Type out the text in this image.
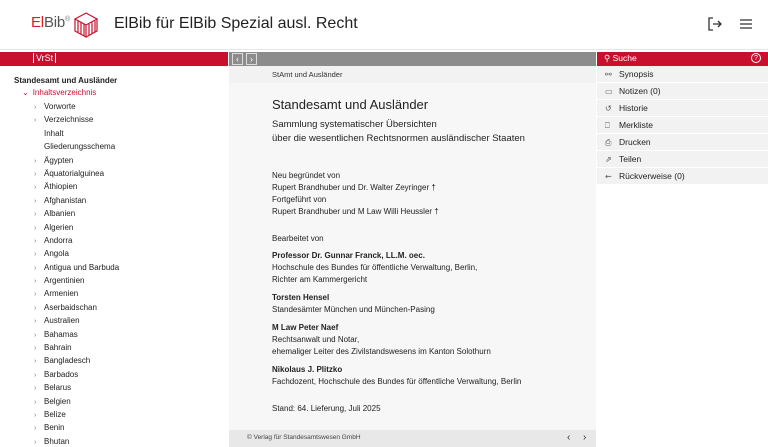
ElBib®	ElBib für ElBib Spezial ausl. Recht
VrSt
Standesamt und Ausländer
⌄ Inhaltsverzeichnis
› Vorworte
› Verzeichnisse
Inhalt
Gliederungsschema
› Ägypten
› Äquatorialguinea
› Äthiopien
› Afghanistan
› Albanien
› Algerien
› Andorra
› Angola
› Antigua und Barbuda
› Argentinien
› Armenien
› Aserbaidschan
› Australien
› Bahamas
› Bahrain
› Bangladesch
› Barbados
› Belarus
› Belgien
› Belize
› Benin
› Bhutan
‹	›
StAmt und Ausländer
Standesamt und Ausländer
Sammlung systematischer Übersichten
über die wesentlichen Rechtsnormen ausländischer Staaten
Neu begründet von
Rupert Brandhuber und Dr. Walter Zeyringer †
Fortgeführt von
Rupert Brandhuber und M Law Willi Heussler †
Bearbeitet von
Professor Dr. Gunnar Franck, LL.M. oec.
Hochschule des Bundes für öffentliche Verwaltung, Berlin,
Richter am Kammergericht
Torsten Hensel
Standesämter München und München-Pasing
M Law Peter Naef
Rechtsanwalt und Notar,
ehemaliger Leiter des Zivilstandswesens im Kanton Solothurn
Nikolaus J. Plitzko
Fachdozent, Hochschule des Bundes für öffentliche Verwaltung, Berlin
Stand: 64. Lieferung, Juli 2025
© Verlag für Standesamtswesen GmbH	‹ ›
⚲ Suche	?
⚯ Synopsis
▭ Notizen (0)
↺ Historie
⎕ Merkliste
⎙ Drucken
⇗ Teilen
⇜ Rückverweise (0)
